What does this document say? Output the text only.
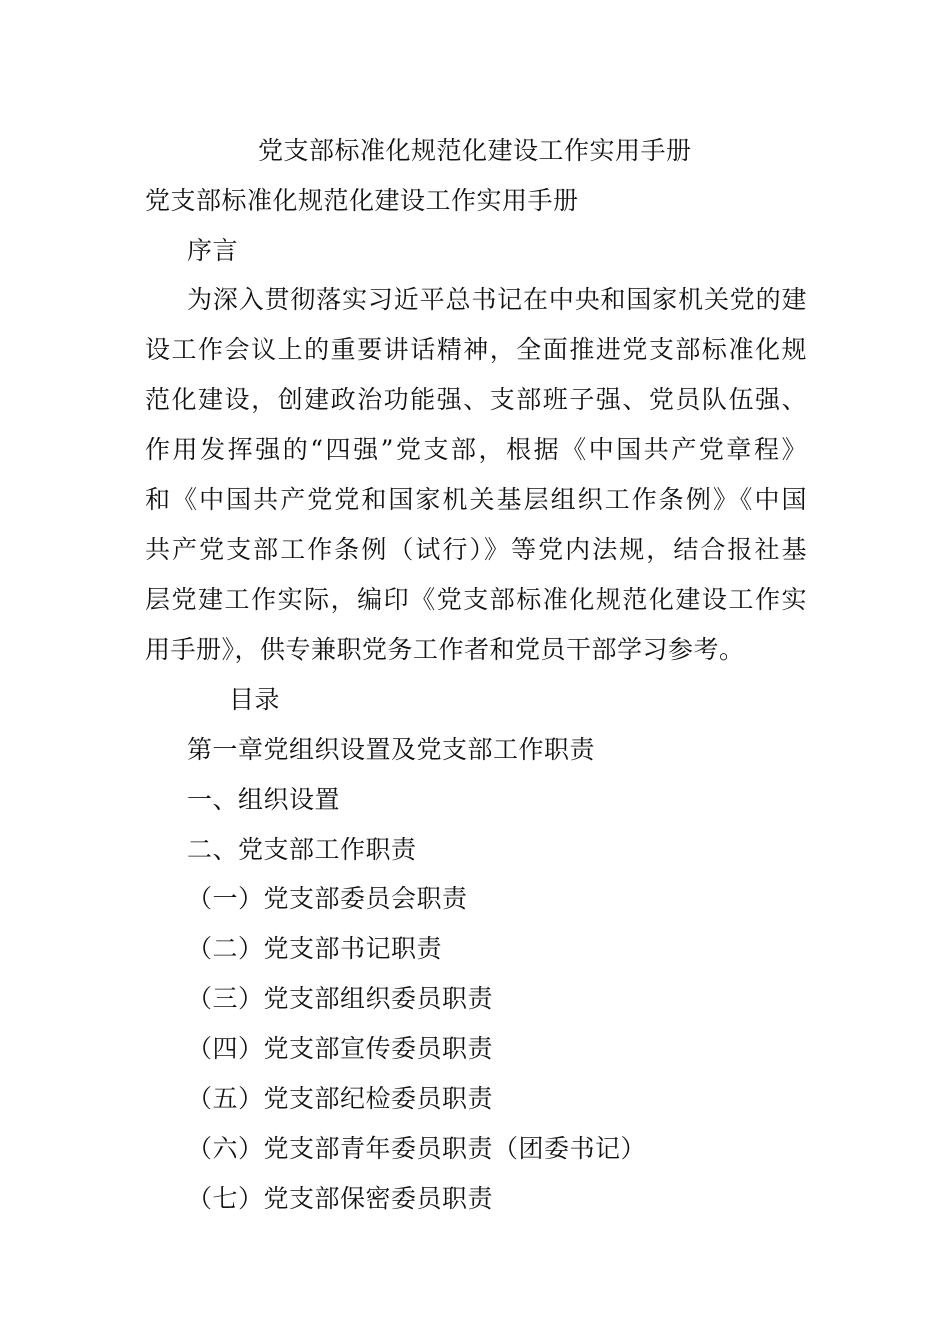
党支部标准化规范化建设工作实用手册
党支部标准化规范化建设工作实用手册
序言
为深入贯彻落实习近平总书记在中央和国家机关党的建
设工作会议上的重要讲话精神，全面推进党支部标准化规
范化建设，创建政治功能强、支部班子强、党员队伍强、
作用发挥强的“四强”党支部，根据《中国共产党章程》
和《中国共产党党和国家机关基层组织工作条例》《中国
共产党支部工作条例（试行）》等党内法规，结合报社基
层党建工作实际，编印《党支部标准化规范化建设工作实
用手册》，供专兼职党务工作者和党员干部学习参考。
目录
第一章党组织设置及党支部工作职责
一、组织设置
二、党支部工作职责
（一）党支部委员会职责
（二）党支部书记职责
（三）党支部组织委员职责
（四）党支部宣传委员职责
（五）党支部纪检委员职责
（六）党支部青年委员职责（团委书记）
（七）党支部保密委员职责
